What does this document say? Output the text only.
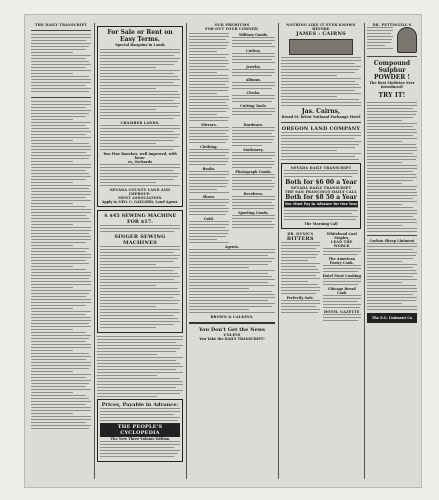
THE DAILY TRANSCRIPT
For Sale or Rent on Easy Terms.
Special Bargains in Lands
CHAMBER LANDS.
Two Fine Ranches, well improved, with hous-
es, Orchards
NEVADA COUNTY LAND AND IMPROVE-
MENT ASSOCIATION
Apply to GEO. C. GAYLORD, Land Agent.
A $45 SEWING MACHINE FOR $17.
SINGER SEWING MACHINES
Prices, Payable in Advance:
THE PEOPLE'S CYCLOPEDIA
The New Three-Volume Edition
OUR PREMIUMS
FOR OUT YOUR CORNER!
Military Goods.
Cutlery.
Jewelry.
Albums.
Clocks.
Cutting Tools.
Mirrors.
Clothing.
Books.
Shoes.
Gold.
Hardware.
Stationery.
Photograph Goods.
Revolvers.
Sporting Goods.
Agents.
BROWN & CALKINS.
You Don't Get the News
UNLESS
You Take the DAILY TRANSCRIPT!
NOTHING LIKE IT EVER KNOWN BEFORE
JAMES : CAIRNS
Jas. Cairns,
Broad St. below National Exchange Hotel
OREGON LAND COMPANY
NEVADA DAILY TRANSCRIPT
Both for $6 00 a Year
NEVADA DAILY TRANSCRIPT
THE SAN FRANCISCO DAILY CALL
Both for $8 50 a Year
You Must Pay in Advance for One Year
The Morning Call
DR. DUNN'S
BITTERS
Perfectly Safe.
Whitehead Coal
Staples,
LEAD THE WORLD
The American Pastry Cook.
Hotel Meat Cooking
Chicago Bread Cook
HOTEL GAZETTE
DR. PETTINGILL'S
Compound Sulphur POWDER !
The Best Medicine Ever Introduced!
TRY IT!
Carbon Sheep Liniment
The S.G. Liniment Co
